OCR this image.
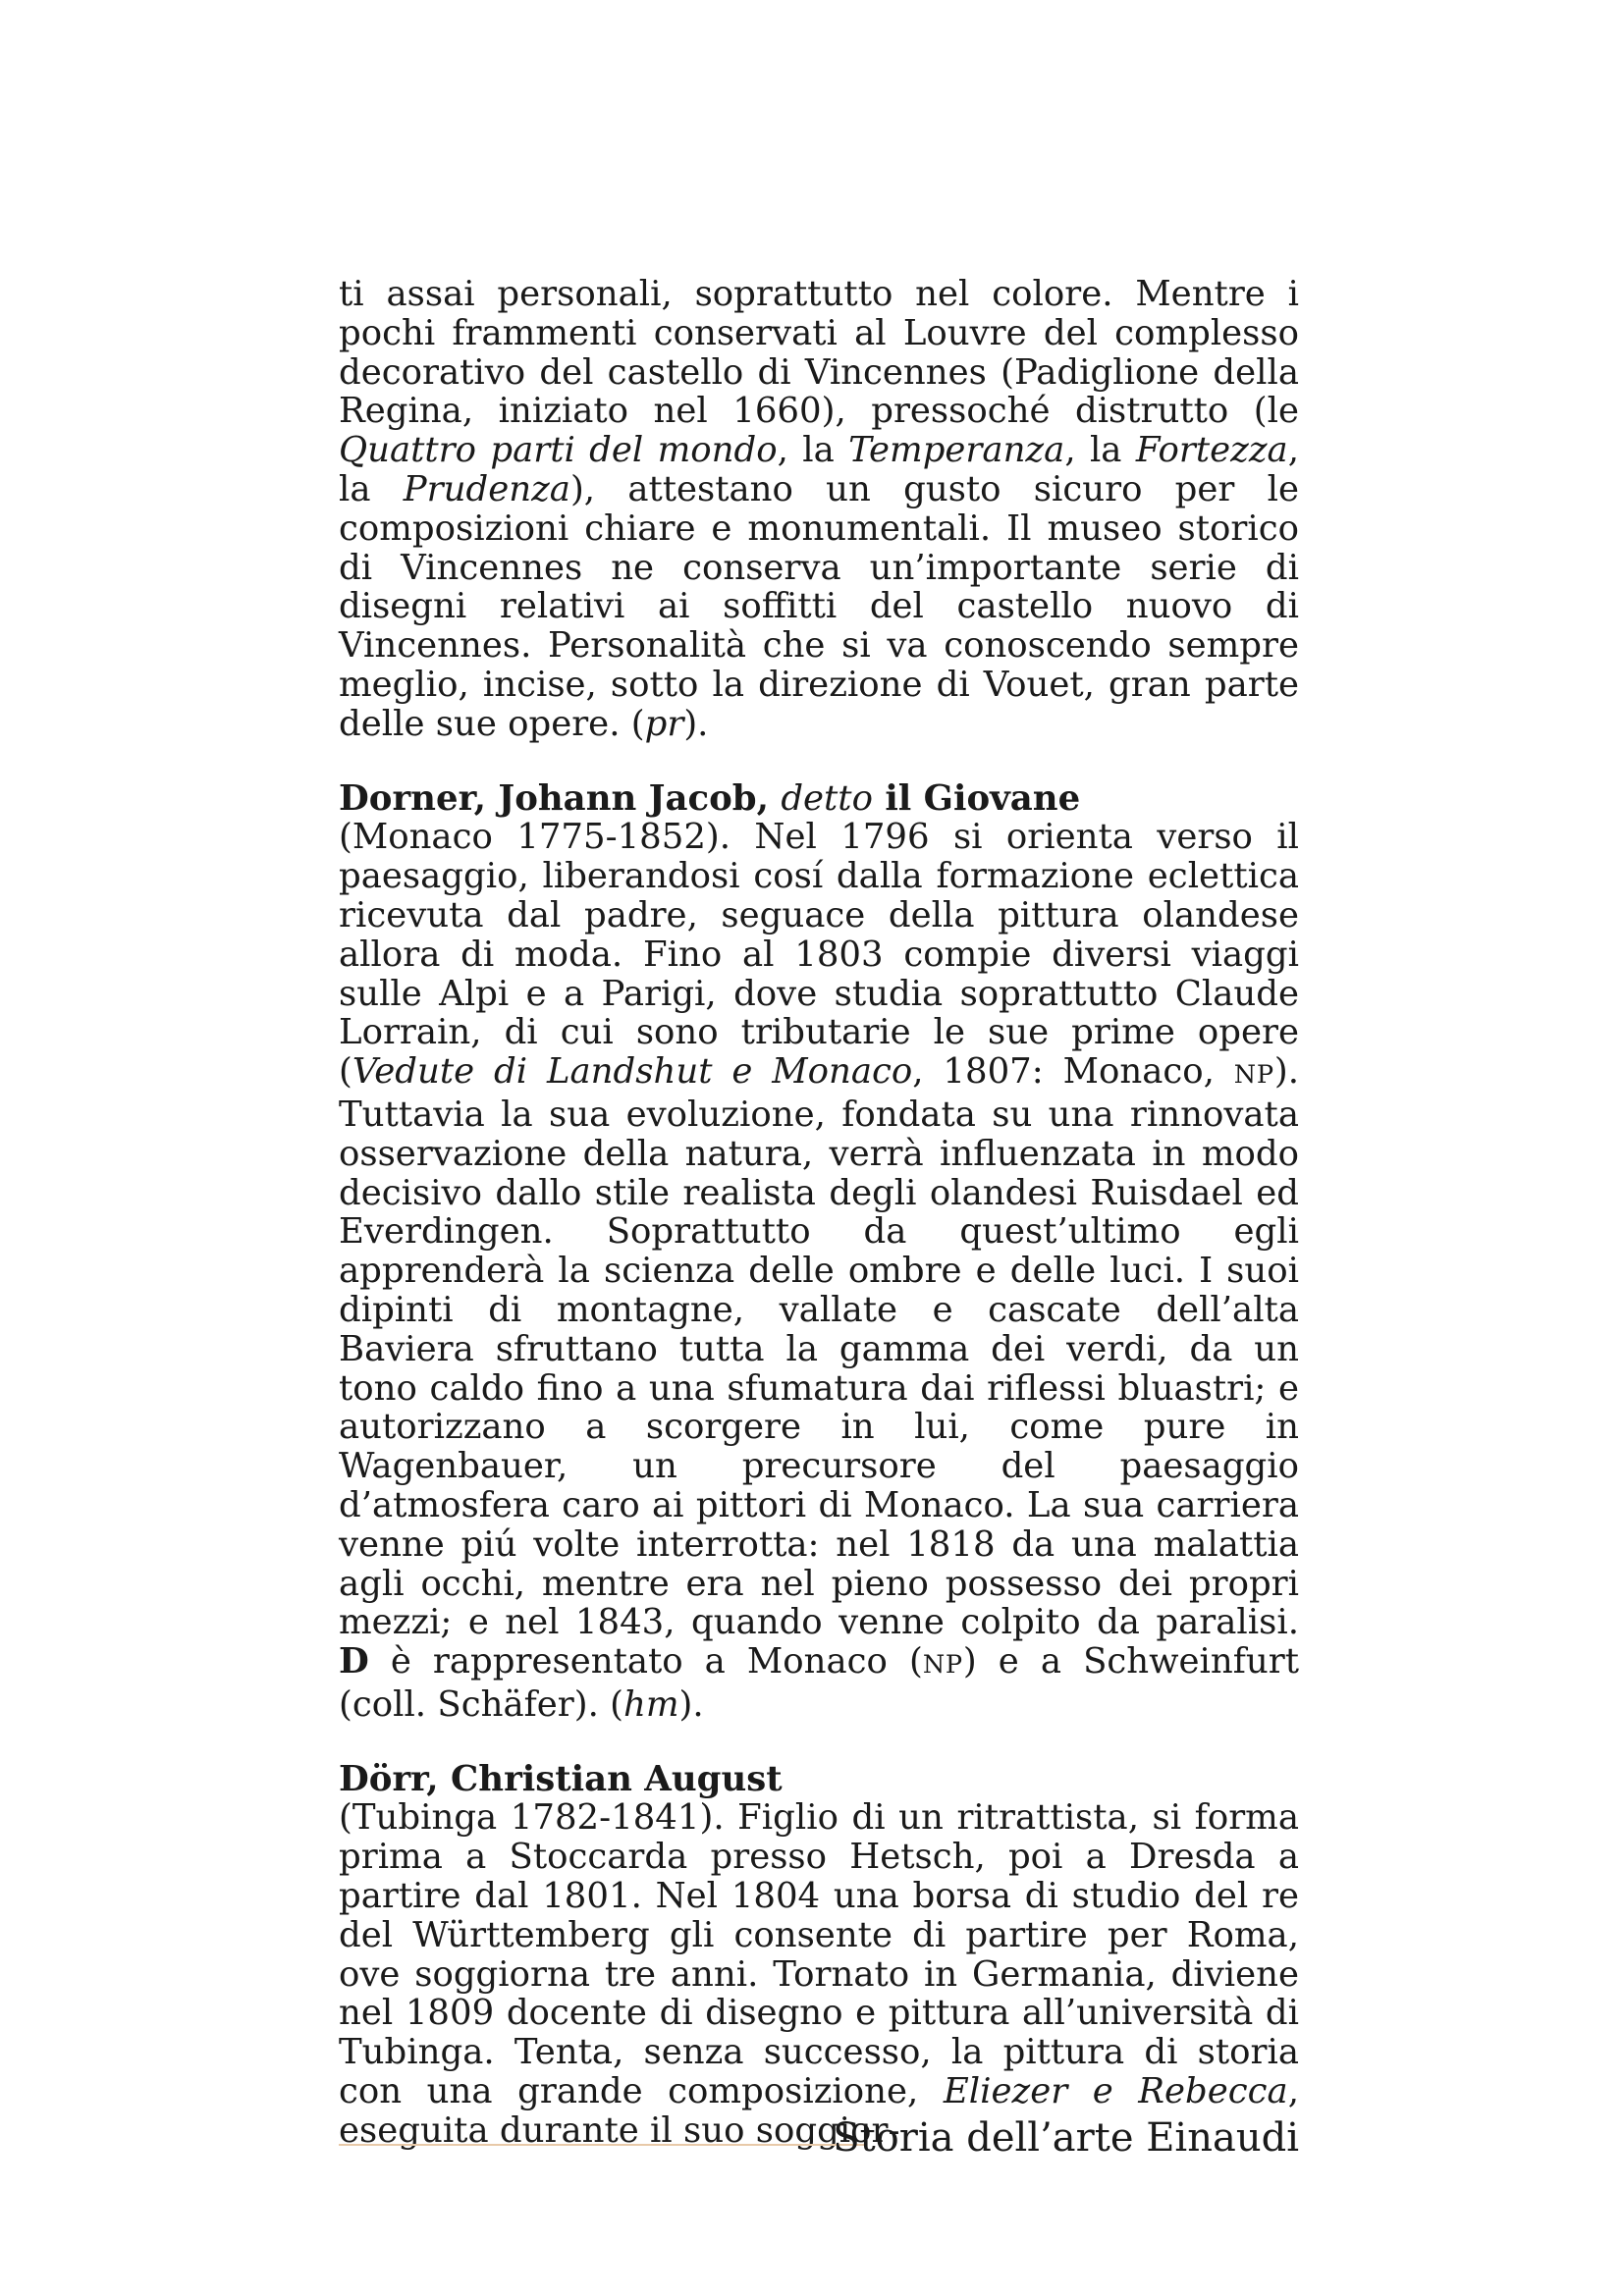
ti assai personali, soprattutto nel colore. Mentre i pochi frammenti conservati al Louvre del complesso decorativo del castello di Vincennes (Padiglione della Regina, iniziato nel 1660), pressoché distrutto (le Quattro parti del mondo, la Temperanza, la Fortezza, la Prudenza), attestano un gusto sicuro per le composizioni chiare e monumentali. Il museo storico di Vincennes ne conserva un’importante serie di disegni relativi ai soffitti del castello nuovo di Vincennes. Personalità che si va conoscendo sempre meglio, incise, sotto la direzione di Vouet, gran parte delle sue opere. (pr).

Dorner, Johann Jacob, detto il Giovane

(Monaco 1775-1852). Nel 1796 si orienta verso il paesaggio, liberandosi cosí dalla formazione eclettica ricevuta dal padre, seguace della pittura olandese allora di moda. Fino al 1803 compie diversi viaggi sulle Alpi e a Parigi, dove studia soprattutto Claude Lorrain, di cui sono tributarie le sue prime opere (Vedute di Landshut e Monaco, 1807: Monaco, NP). Tuttavia la sua evoluzione, fondata su una rinnovata osservazione della natura, verrà influenzata in modo decisivo dallo stile realista degli olandesi Ruisdael ed Everdingen. Soprattutto da quest’ultimo egli apprenderà la scienza delle ombre e delle luci. I suoi dipinti di montagne, vallate e cascate dell’alta Baviera sfruttano tutta la gamma dei verdi, da un tono caldo fino a una sfumatura dai riflessi bluastri; e autorizzano a scorgere in lui, come pure in Wagenbauer, un precursore del paesaggio d’atmosfera caro ai pittori di Monaco. La sua carriera venne piú volte interrotta: nel 1818 da una malattia agli occhi, mentre era nel pieno possesso dei propri mezzi; e nel 1843, quando venne colpito da paralisi. D è rappresentato a Monaco (NP) e a Schweinfurt (coll. Schäfer). (hm).

Dörr, Christian August

(Tubinga 1782-1841). Figlio di un ritrattista, si forma prima a Stoccarda presso Hetsch, poi a Dresda a partire dal 1801. Nel 1804 una borsa di studio del re del Württemberg gli consente di partire per Roma, ove soggiorna tre anni. Tornato in Germania, diviene nel 1809 docente di disegno e pittura all’università di Tubinga. Tenta, senza successo, la pittura di storia con una grande composizione, Eliezer e Rebecca, eseguita durante il suo soggior-

Storia dell’arte Einaudi
